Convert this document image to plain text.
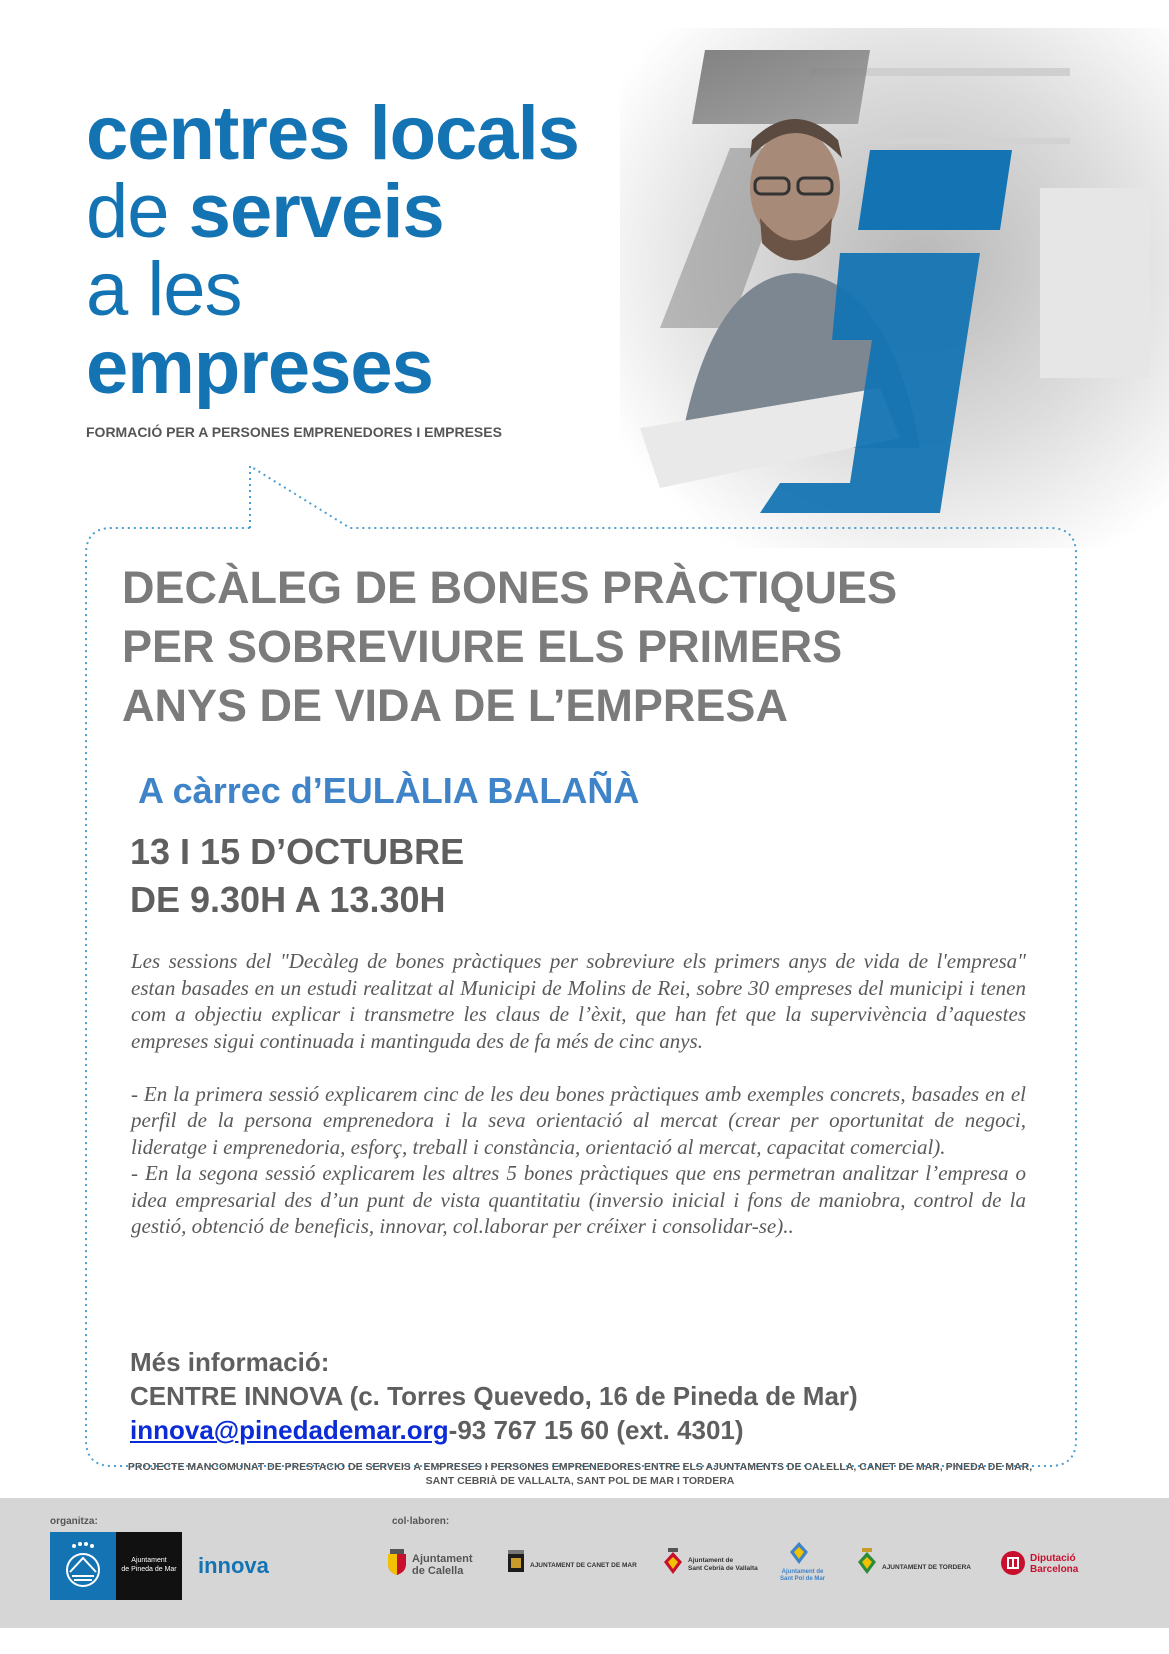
centres locals
de serveis
a les
empreses
FORMACIÓ PER A PERSONES EMPRENEDORES I EMPRESES
DECÀLEG DE BONES PRÀCTIQUES
PER SOBREVIURE ELS PRIMERS
ANYS DE VIDA DE L’EMPRESA
A càrrec d’EULÀLIA BALAÑÀ
13 I 15 D’OCTUBRE
DE 9.30H A 13.30H

Les sessions del "Decàleg de bones pràctiques per sobreviure els primers anys de vida de l'empresa" estan basades en un estudi realitzat al Municipi de Molins de Rei, sobre 30 empreses del municipi i tenen com a objectiu explicar i transmetre les claus de l’èxit, que han fet que la supervivència d’aquestes empreses sigui continuada i mantinguda des de fa més de cinc anys.

- En la primera sessió explicarem cinc de les deu bones pràctiques amb exemples concrets, basades en el perfil de la persona emprenedora i la seva orientació al mercat (crear per oportunitat de negoci, lideratge i emprenedoria, esforç, treball i constància, orientació al mercat, capacitat comercial).

- En la segona sessió explicarem les altres 5 bones pràctiques que ens permetran analitzar l’empresa o idea empresarial des d’un punt de vista quantitatiu (inversio inicial i fons de maniobra, control de la gestió, obtenció de beneficis, innovar, col.laborar per créixer i consolidar-se)..

Més informació:
CENTRE INNOVA (c. Torres Quevedo, 16 de Pineda de Mar)
innova@pinedademar.org-93 767 15 60 (ext. 4301)
PROJECTE MANCOMUNAT DE PRESTACIO DE SERVEIS A EMPRESES I PERSONES EMPRENEDORES ENTRE ELS AJUNTAMENTS DE CALELLA, CANET DE MAR, PINEDA DE MAR,
SANT CEBRIÀ DE VALLALTA, SANT POL DE MAR I TORDERA
organitza:	col·laboren:
Ajuntament
de Pineda de Mar innova	Ajuntament
de Calella	AJUNTAMENT DE CANET DE MAR
Ajuntament de
Sant Cebrià de Vallalta	Ajuntament de
Sant Pol de Mar
AJUNTAMENT DE TORDERA
Diputació
Barcelona
